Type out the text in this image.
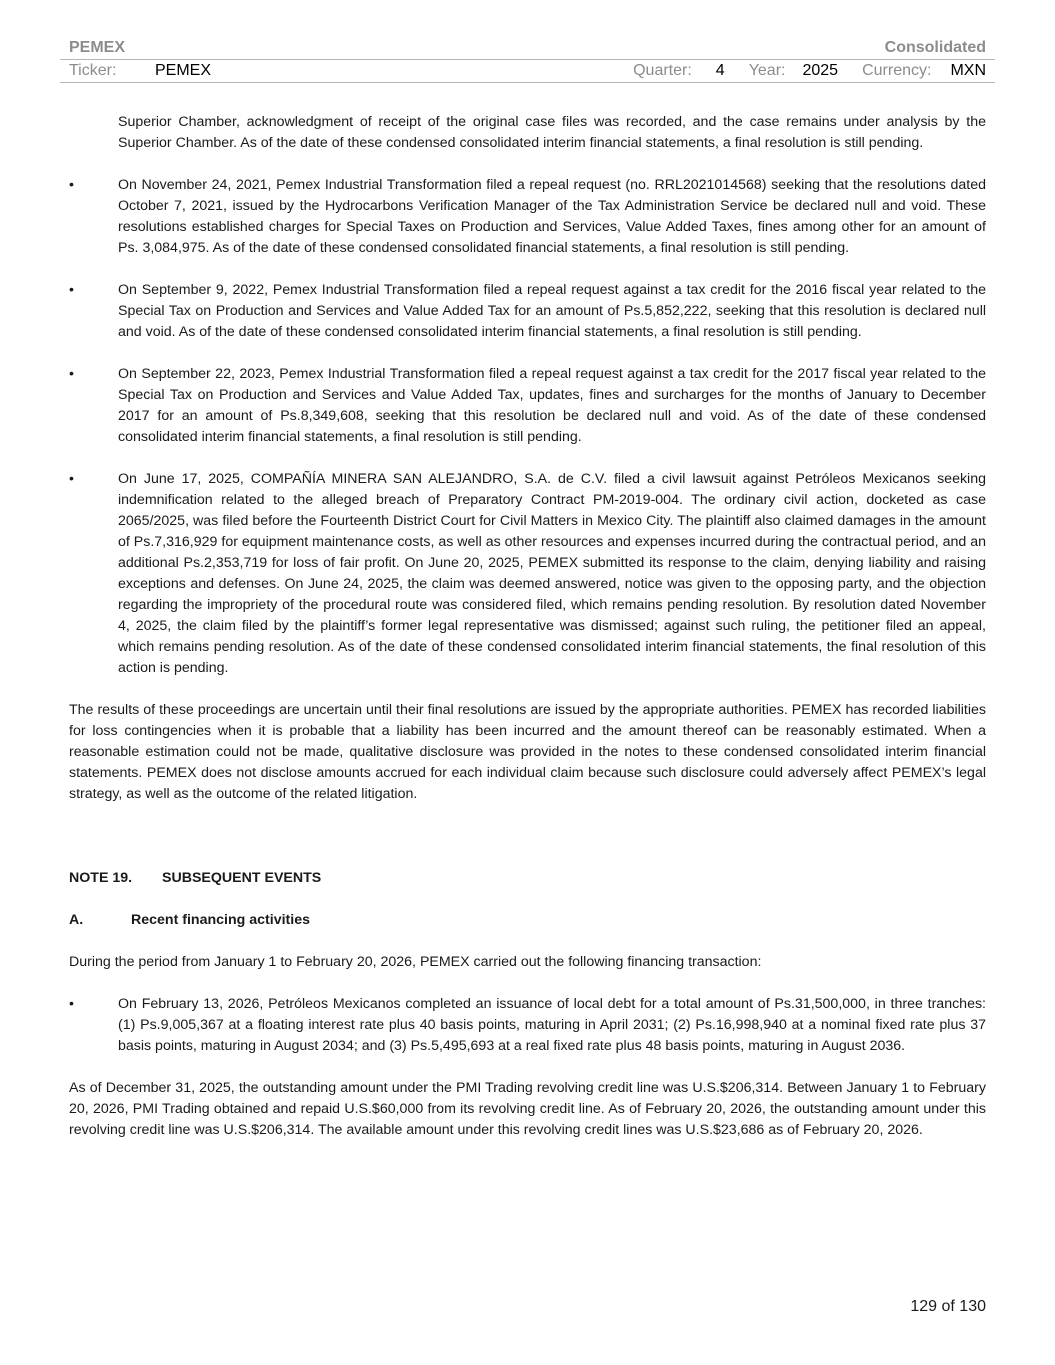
PEMEX	Consolidated
Ticker:	PEMEX	Quarter: 4 Year: 2025 Currency: MXN

Superior Chamber, acknowledgment of receipt of the original case files was recorded, and the case remains under analysis by the Superior Chamber. As of the date of these condensed consolidated interim financial statements, a final resolution is still pending.

•	On November 24, 2021, Pemex Industrial Transformation filed a repeal request (no. RRL2021014568) seeking that the resolutions dated October 7, 2021, issued by the Hydrocarbons Verification Manager of the Tax Administration Service be declared null and void. These resolutions established charges for Special Taxes on Production and Services, Value Added Taxes, fines among other for an amount of Ps. 3,084,975. As of the date of these condensed consolidated financial statements, a final resolution is still pending.
•	On September 9, 2022, Pemex Industrial Transformation filed a repeal request against a tax credit for the 2016 fiscal year related to the Special Tax on Production and Services and Value Added Tax for an amount of Ps.5,852,222, seeking that this resolution is declared null and void. As of the date of these condensed consolidated interim financial statements, a final resolution is still pending.
•	On September 22, 2023, Pemex Industrial Transformation filed a repeal request against a tax credit for the 2017 fiscal year related to the Special Tax on Production and Services and Value Added Tax, updates, fines and surcharges for the months of January to December 2017 for an amount of Ps.8,349,608, seeking that this resolution be declared null and void. As of the date of these condensed consolidated interim financial statements, a final resolution is still pending.
•	On June 17, 2025, COMPAÑÍA MINERA SAN ALEJANDRO, S.A. de C.V. filed a civil lawsuit against Petróleos Mexicanos seeking indemnification related to the alleged breach of Preparatory Contract PM-2019-004. The ordinary civil action, docketed as case 2065/2025, was filed before the Fourteenth District Court for Civil Matters in Mexico City. The plaintiff also claimed damages in the amount of Ps.7,316,929 for equipment maintenance costs, as well as other resources and expenses incurred during the contractual period, and an additional Ps.2,353,719 for loss of fair profit. On June 20, 2025, PEMEX submitted its response to the claim, denying liability and raising exceptions and defenses. On June 24, 2025, the claim was deemed answered, notice was given to the opposing party, and the objection regarding the impropriety of the procedural route was considered filed, which remains pending resolution. By resolution dated November 4, 2025, the claim filed by the plaintiff’s former legal representative was dismissed; against such ruling, the petitioner filed an appeal, which remains pending resolution. As of the date of these condensed consolidated interim financial statements, the final resolution of this action is pending.

The results of these proceedings are uncertain until their final resolutions are issued by the appropriate authorities. PEMEX has recorded liabilities for loss contingencies when it is probable that a liability has been incurred and the amount thereof can be reasonably estimated. When a reasonable estimation could not be made, qualitative disclosure was provided in the notes to these condensed consolidated interim financial statements. PEMEX does not disclose amounts accrued for each individual claim because such disclosure could adversely affect PEMEX’s legal strategy, as well as the outcome of the related litigation.

NOTE 19.	SUBSEQUENT EVENTS
A.	Recent financing activities

During the period from January 1 to February 20, 2026, PEMEX carried out the following financing transaction:

•	On February 13, 2026, Petróleos Mexicanos completed an issuance of local debt for a total amount of Ps.31,500,000, in three tranches: (1) Ps.9,005,367 at a floating interest rate plus 40 basis points, maturing in April 2031; (2) Ps.16,998,940 at a nominal fixed rate plus 37 basis points, maturing in August 2034; and (3) Ps.5,495,693 at a real fixed rate plus 48 basis points, maturing in August 2036.

As of December 31, 2025, the outstanding amount under the PMI Trading revolving credit line was U.S.$206,314. Between January 1 to February 20, 2026, PMI Trading obtained and repaid U.S.$60,000 from its revolving credit line. As of February 20, 2026, the outstanding amount under this revolving credit line was U.S.$206,314. The available amount under this revolving credit lines was U.S.$23,686 as of February 20, 2026.

129 of 130
